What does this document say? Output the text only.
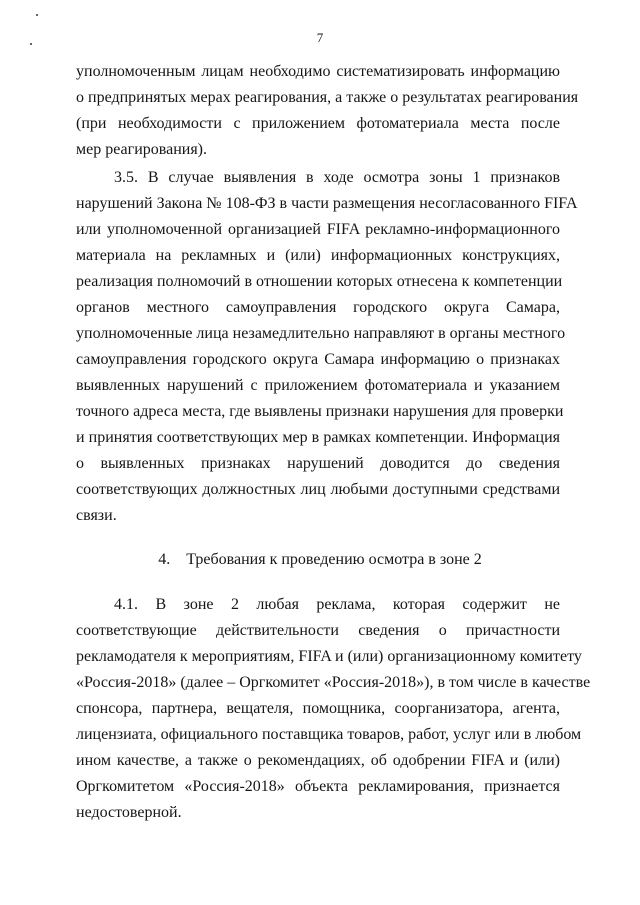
7
уполномоченным лицам необходимо систематизировать информацию
о предпринятых мерах реагирования, а также о результатах реагирования
(при необходимости с приложением фотоматериала места после
мер реагирования).
3.5. В случае выявления в ходе осмотра зоны 1 признаков
нарушений Закона № 108-ФЗ в части размещения несогласованного FIFA
или уполномоченной организацией FIFA рекламно-информационного
материала на рекламных и (или) информационных конструкциях,
реализация полномочий в отношении которых отнесена к компетенции
органов местного самоуправления городского округа Самара,
уполномоченные лица незамедлительно направляют в органы местного
самоуправления городского округа Самара информацию о признаках
выявленных нарушений с приложением фотоматериала и указанием
точного адреса места, где выявлены признаки нарушения для проверки
и принятия соответствующих мер в рамках компетенции. Информация
о выявленных признаках нарушений доводится до сведения
соответствующих должностных лиц любыми доступными средствами
связи.
4.    Требования к проведению осмотра в зоне 2
4.1. В зоне 2 любая реклама, которая содержит не
соответствующие действительности сведения о причастности
рекламодателя к мероприятиям, FIFA и (или) организационному комитету
«Россия-2018» (далее – Оргкомитет «Россия-2018»), в том числе в качестве
спонсора, партнера, вещателя, помощника, соорганизатора, агента,
лицензиата, официального поставщика товаров, работ, услуг или в любом
ином качестве, а также о рекомендациях, об одобрении FIFA и (или)
Оргкомитетом «Россия-2018» объекта рекламирования, признается
недостоверной.
